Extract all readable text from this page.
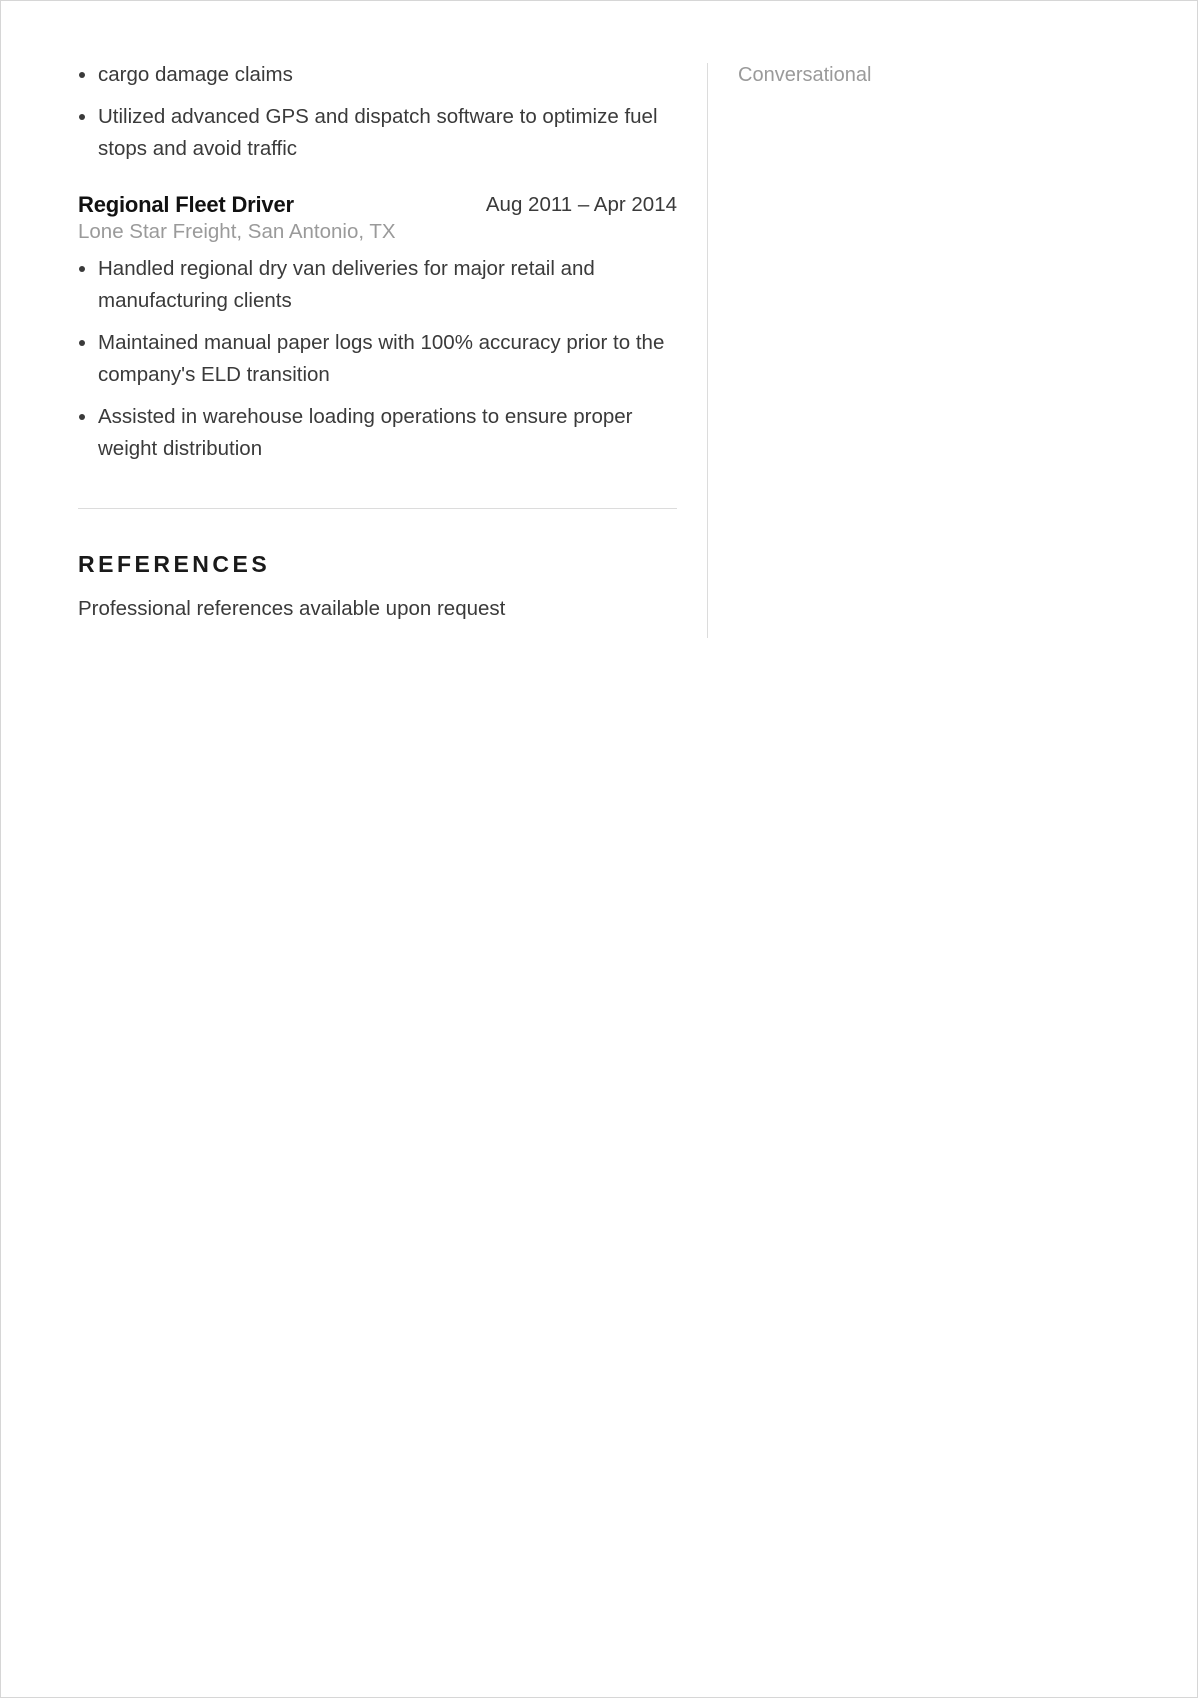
cargo damage claims
Utilized advanced GPS and dispatch software to optimize fuel stops and avoid traffic
Regional Fleet Driver	Aug 2011 – Apr 2014
Lone Star Freight, San Antonio, TX
Handled regional dry van deliveries for major retail and manufacturing clients
Maintained manual paper logs with 100% accuracy prior to the company's ELD transition
Assisted in warehouse loading operations to ensure proper weight distribution
REFERENCES
Professional references available upon request
Conversational
